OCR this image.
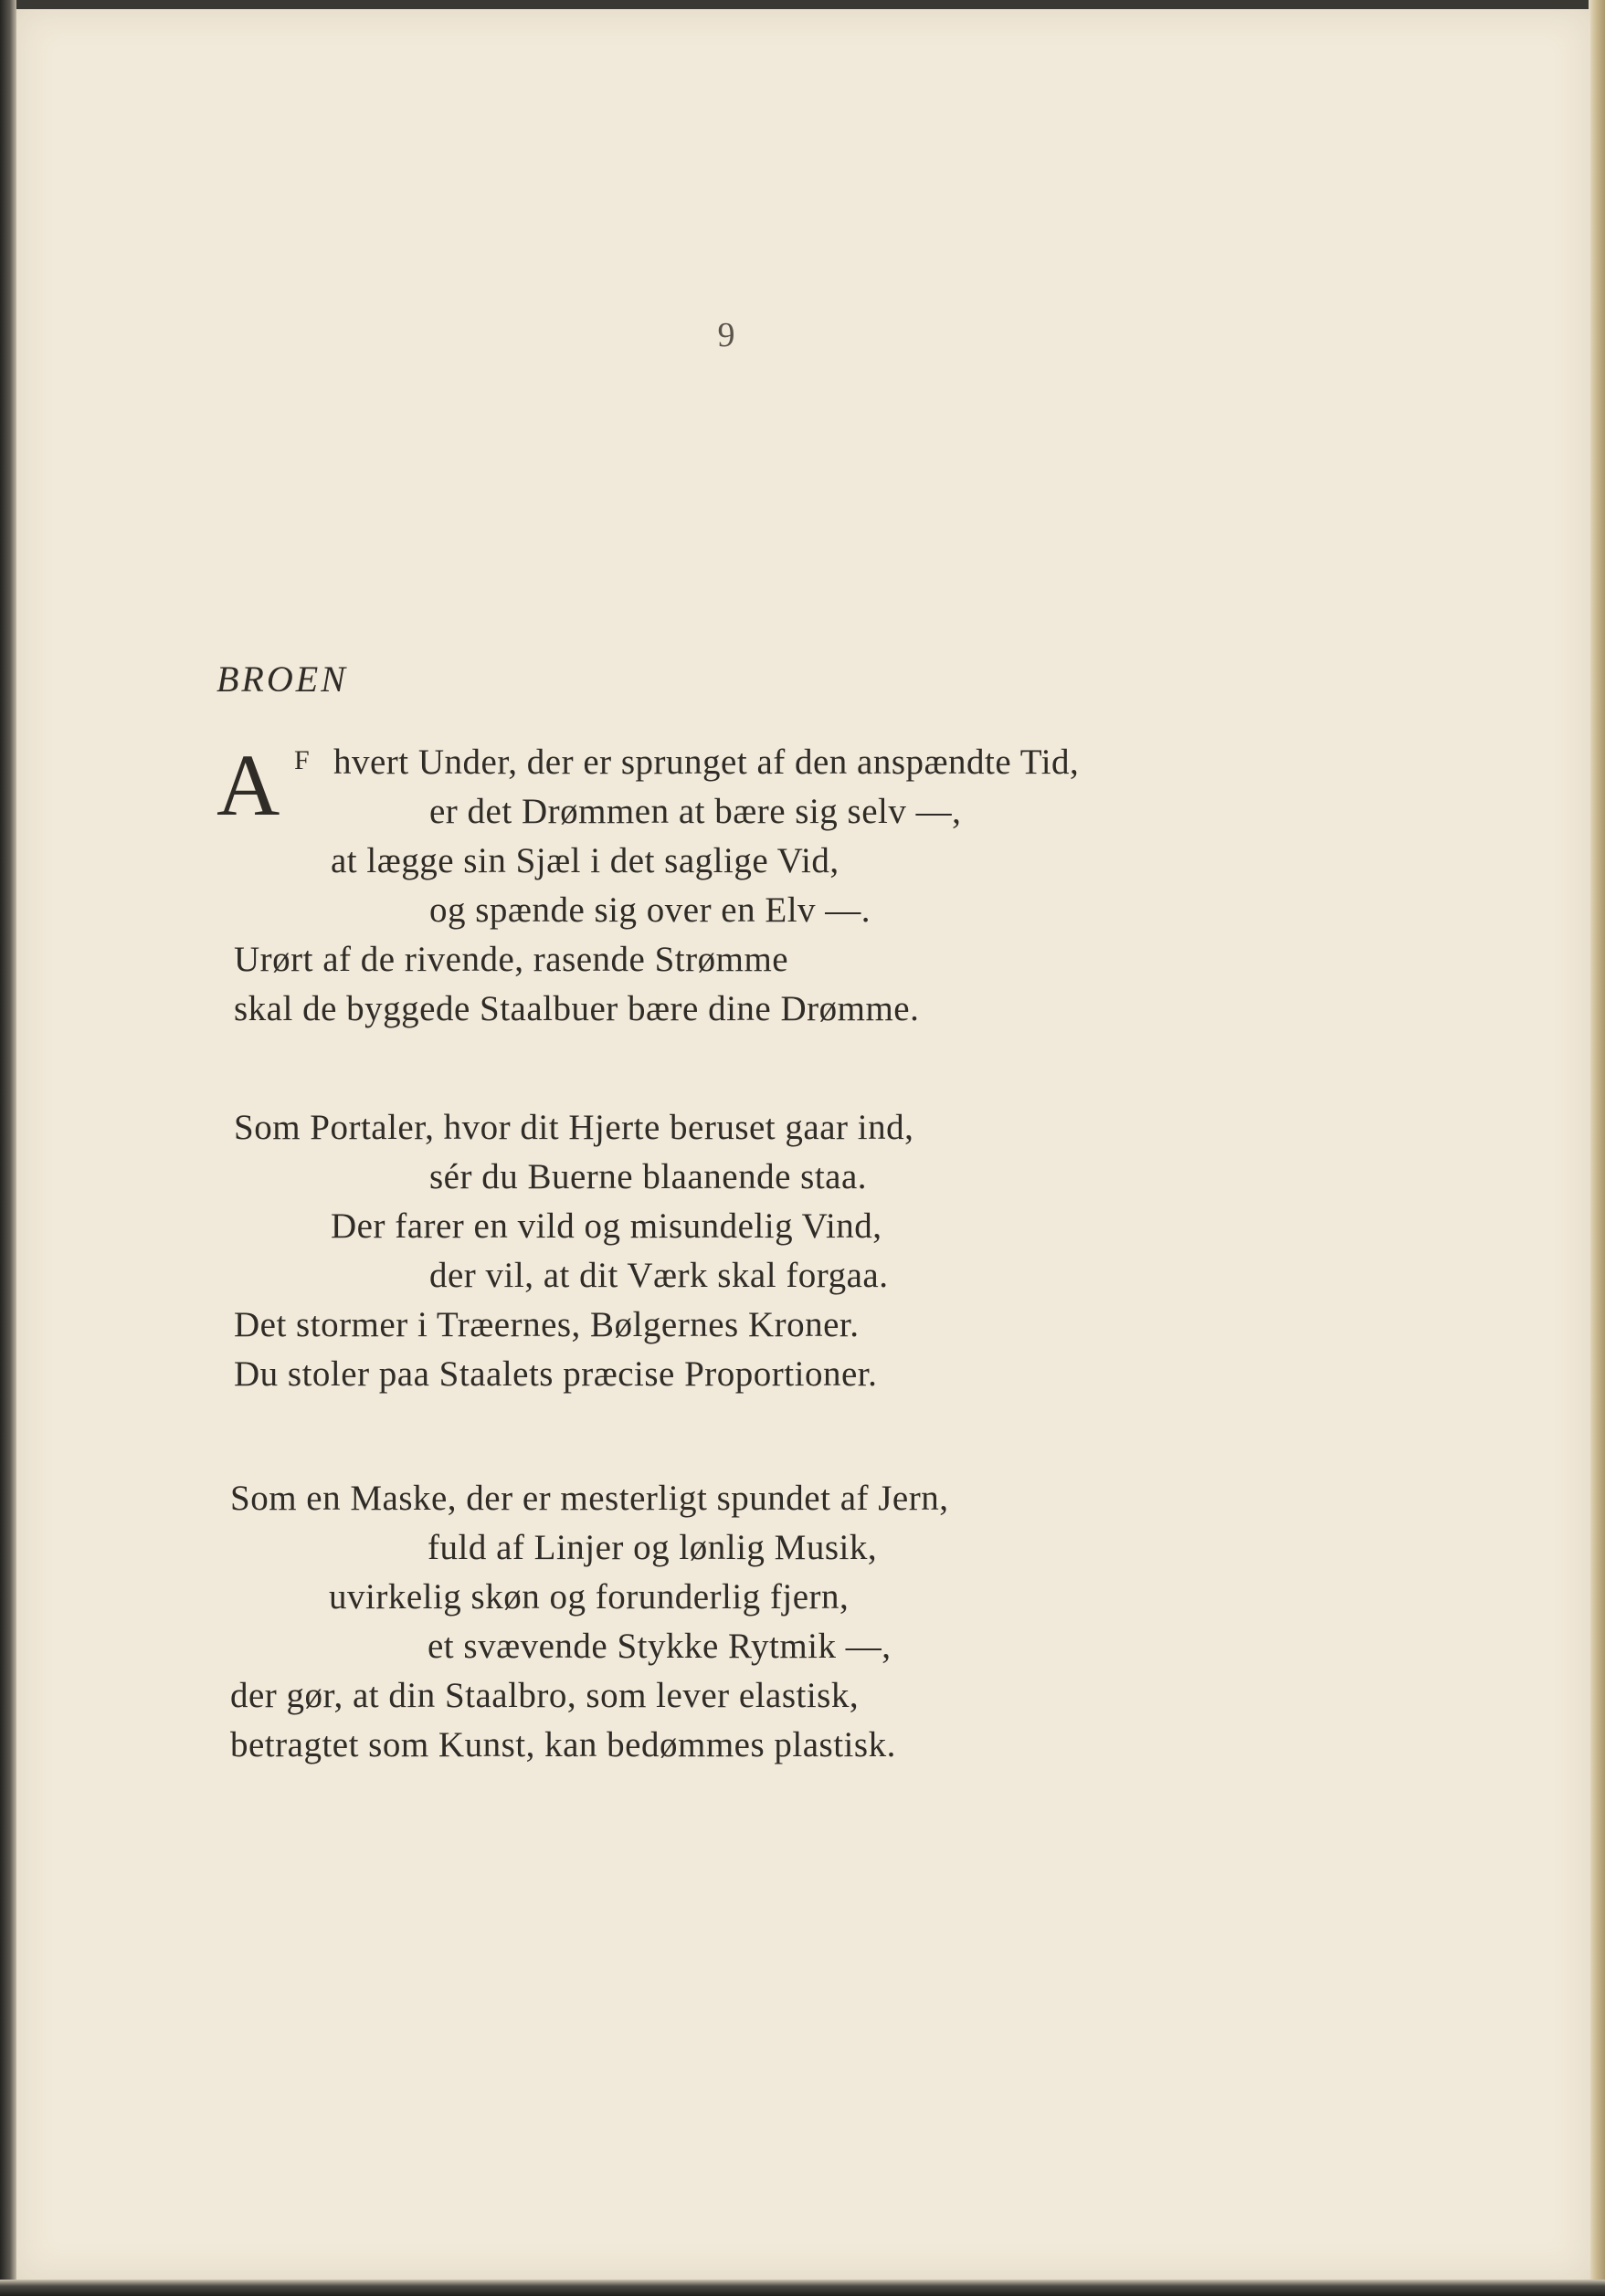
9
BROEN
A F hvert Under, der er sprunget af den anspændte Tid,
er det Drømmen at bære sig selv —,
at lægge sin Sjæl i det saglige Vid,
og spænde sig over en Elv —.
Urørt af de rivende, rasende Strømme
skal de byggede Staalbuer bære dine Drømme.
Som Portaler, hvor dit Hjerte beruset gaar ind,
sér du Buerne blaanende staa.
Der farer en vild og misundelig Vind,
der vil, at dit Værk skal forgaa.
Det stormer i Træernes, Bølgernes Kroner.
Du stoler paa Staalets præcise Proportioner.
Som en Maske, der er mesterligt spundet af Jern,
fuld af Linjer og lønlig Musik,
uvirkelig skøn og forunderlig fjern,
et svævende Stykke Rytmik —,
der gør, at din Staalbro, som lever elastisk,
betragtet som Kunst, kan bedømmes plastisk.
